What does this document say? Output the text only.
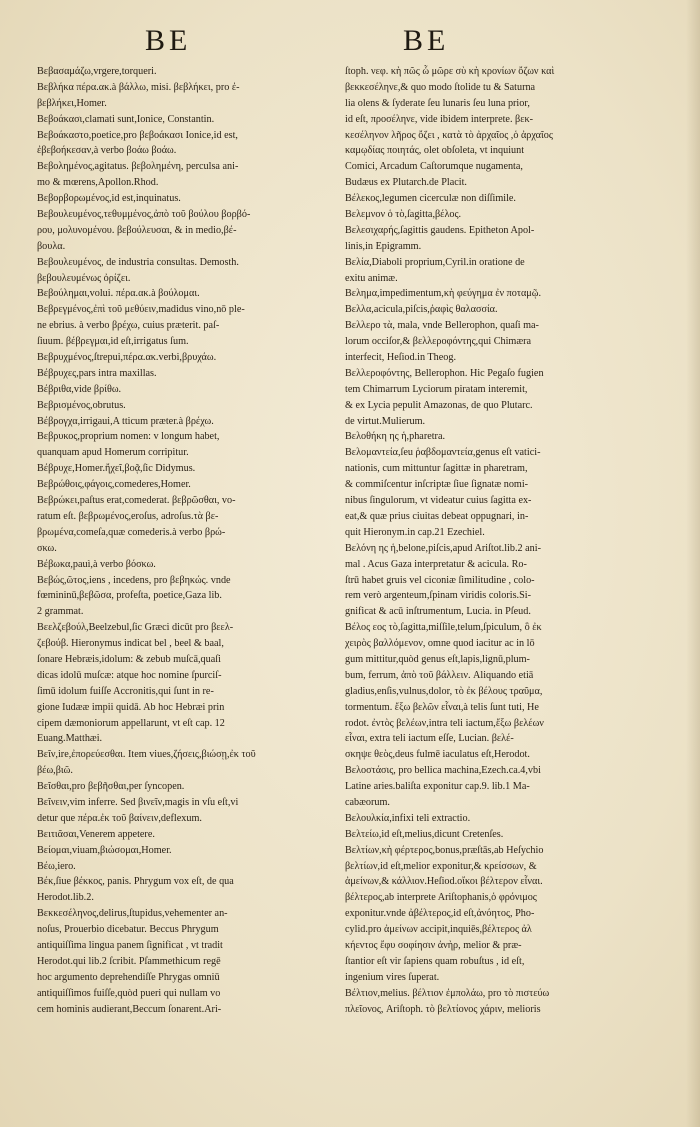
BE	BE
Βεβασαμάζω,vrgere,torqueri.
Βεβλήκα πέρα.ακ.à βάλλω, misi. βεβλήκει, pro ἐ-
βεβλήκει,Homer.
Βεβοάκασι,clamati sunt,Ionice, Constantin.
Βεβοάκαστο,poetice,pro βεβοάκασι Ionice,id est,
ἐβεβοήκεσαν,à verbo βοάω βοάω.
Βεβολημένος,agitatus. βεβολημένη, perculsa ani-
mo & mœrens,Apollon.Rhod.
Βεβορβορωμένος,id est,inquinatus.
Βεβουλευμένος,τεθυμμένος,ἀπὸ τοῦ βούλου βορβό-
ρου, μολυνομένου. βεβούλευσαι, & in medio,βέ-
βουλα.
Βεβουλευμένος, de industria consultas. Demosth.
βεβουλευμένως ὀρίζει.
Βεβούλημαι,volui. πέρα.ακ.à βούλομαι.
Βεβρεγμένος,ἐπὶ τοῦ μεθύειν,madidus vino,nō ple-
ne ebrius. à verbo βρέχω, cuius præterit. paſ-
ſiuum. βέβρεγμαι,id eſt,irrigatus ſum.
Βεβρυχμένος,ſtrepui,πέρα.ακ.verbi,βρυχάω.
Βέβρυχες,pars intra maxillas.
Βέβριθα,vide βρίθω.
Βεβρισμένος,obrutus.
Βέβρογχα,irrigaui,A tticum præter.à βρέχω.
Βεβρυκος,proprium nomen: v longum habet,
quanquam apud Homerum corripitur.
Βέβρυχε,Homer.ἤχεῖ,βοᾷ,ſic Didymus.
Βεβρώθοις,φάγοις,comederes,Homer.
Βεβρώκει,paſtus erat,comederat. βεβρῶσθαι, vo-
ratum eſt. βεβρωμένος,eroſus, adroſus.τὰ βε-
βρωμένα,comeſa,quæ comederis.à verbo βρώ-
σκω.
Βέβωκα,pauì,à verbo βόσκω.
Βεβώς,ῶτος,iens , incedens, pro βεβηκώς. vnde
fœmininū,βεβῶσα, profeſta, poetice,Gaza lib.
2 grammat.
Βεελζεβούλ,Beelzebul,ſic Græci dicūt pro βεελ-
ζεβούβ. Hieronymus indicat bel , beel & baal,
ſonare Hebræis,idolum: & zebub muſcā,quaſi
dicas idolū muſcæ: atque hoc nomine ſpurciſ-
ſimū idolum fuiſſe Accronitis,qui ſunt in re-
gione Iudææ impii quidā. Ab hoc Hebræi prin
cipem dæmoniorum appellarunt, vt eſt cap. 12
Euang.Matthæi.
Βεῖν,ire,ἐπορεύεσθαι. Item viues,ζήσεις,βιώσῃ,ἐκ τοῦ
βέω,βιῶ.
Βεῖσθαι,pro βεβῆσθαι,per ſyncopen.
Βεῖνειν,vim inferre. Sed βινεῖν,magis in vſu eſt,vi
detur que πέρα.ἐκ τοῦ βαίνειν,deflexum.
Βειτιᾶσαι,Venerem appetere.
Βείομαι,viuam,βιώσομαι,Homer.
Βέω,iero.
Βέκ,ſiue βέκκος, panis. Phrygum vox eſt, de qua
Herodot.lib.2.
Βεκκεσέληνος,delirus,ſtupidus,vehementer an-
noſus, Prouerbio dicebatur. Beccus Phrygum
antiquiſſima lingua panem ſignificat , vt tradit
Herodot.qui lib.2 ſcribit. Pſammethicum regē
hoc argumento deprehendiſſe Phrygas omniū
antiquiſſimos fuiſſe,quòd pueri qui nullam vo
cem hominis audierant,Beccum ſonarent.Ari-
ſtoph. νεφ. κὴ πῶς ὦ μῶρε σὺ κὴ κρονίων ὄζων καὶ
βεκκεσέληνε,& quo modo ſtolide tu & Saturna
lia olens & ſyderate ſeu lunaris ſeu luna prior,
id eſt, προσέληνε, vide ibidem interprete. βεκ-
κεσέληνον λῆρος ὄζει , κατὰ τὸ ἀρχαῖος ,ὁ ἀρχαῖος
καμῳδίας ποιητάς, olet obſoleta, vt inquiunt
Comici, Arcadum Caſtorumque nugamenta,
Budæus ex Plutarch.de Placit.
Βέλεκος,legumen cicerculæ non diſſimile.
Βελεμνον ὁ τὸ,ſagitta,βέλος.
Βελεσιχαρής,ſagittis gaudens. Epitheton Apol-
linis,in Epigramm.
Βελία,Diaboli proprium,Cyril.in oratione de
exitu animæ.
Βελημα,impedimentum,κὴ φεύγημα ἐν ποταμῷ.
Βελλα,acicula,piſcis,ῥαφὶς θαλασσία.
Βελλερο τὰ, mala, vnde Bellerophon, quaſi ma-
lorum occiſor,& βελλεροφόντης,qui Chimæra
interfecit, Heſiod.in Theog.
Βελλεροφόντης, Bellerophon. Hic Pegaſo fugien
tem Chimarrum Lyciorum piratam interemit,
& ex Lycia pepulit Amazonas, de quo Plutarc.
de virtut.Mulierum.
Βελοθήκη ης ἡ,pharetra.
Βελομαντεία,ſeu ῥαβδομαντεία,genus eſt vatici-
nationis, cum mittuntur ſagittæ in pharetram,
& commiſcentur inſcriptæ ſiue ſignatæ nomi-
nibus ſingulorum, vt videatur cuius ſagitta ex-
eat,& quæ prius ciuitas debeat oppugnari, in-
quit Hieronym.in cap.21 Ezechiel.
Βελόνη ης ἡ,belone,piſcis,apud Ariſtot.lib.2 ani-
mal . Acus Gaza interpretatur & acicula. Ro-
ſtrū habet gruis vel ciconiæ ſimilitudine , colo-
rem verò argenteum,ſpinam viridis coloris.Si-
gnificat & acū inſtrumentum, Lucia. in Pſeud.
Βέλος εος τὸ,ſagitta,miſſile,telum,ſpiculum, ὃ ἐκ
χειρὸς βαλλόμενον, omne quod iacitur ac in lō
gum mittitur,quòd genus eſt,lapis,lignū,plum-
bum, ferrum, ἀπὸ τοῦ βάλλειν. Aliquando etiā
gladius,enſis,vulnus,dolor, τὸ ἐκ βέλους τραῦμα,
tormentum. ἔξω βελῶν εἶναι,à telis ſunt tuti, He
rodot. ἐντὸς βελέων,intra teli iactum,ἔξω βελέων
εἶναι, extra teli iactum eſſe, Lucian. βελέ-
σκηψε θεὸς,deus fulmē iaculatus eſt,Herodot.
Βελοστάσις, pro bellica machina,Ezech.ca.4,vbi
Latine aries.baliſta exponitur cap.9. lib.1 Ma-
cabæorum.
Βελουλκία,infixi teli extractio.
Βελτείω,id eſt,melius,dicunt Cretenſes.
Βελτίων,κὴ φέρτερος,bonus,præſtās,ab Heſychio
βελτίων,id eſt,melior exponitur,& κρείσσων, &
ἀμείνων,& κάλλιον.Heſiod.οἴκοι βέλτερον εἶναι.
βέλτερος,ab interprete Ariſtophanis,ὁ φρόνιμος
exponitur.vnde ἀβέλτερος,id eſt,ἀνόητος, Pho-
cylid.pro ἀμείνων accipit,inquiēs,βέλτερος ἀλ
κήεντος ἔφυ σοφίησιν ἀνὴρ, melior & præ-
ſtantior eſt vir ſapiens quam robuſtus , id eſt,
ingenium vires ſuperat.
Βέλτιον,melius. βέλτιον ἐμπολάω, pro τὸ πιστεύω
πλεῖονος, Ariſtoph. τὸ βελτίονος χάριν, melioris
